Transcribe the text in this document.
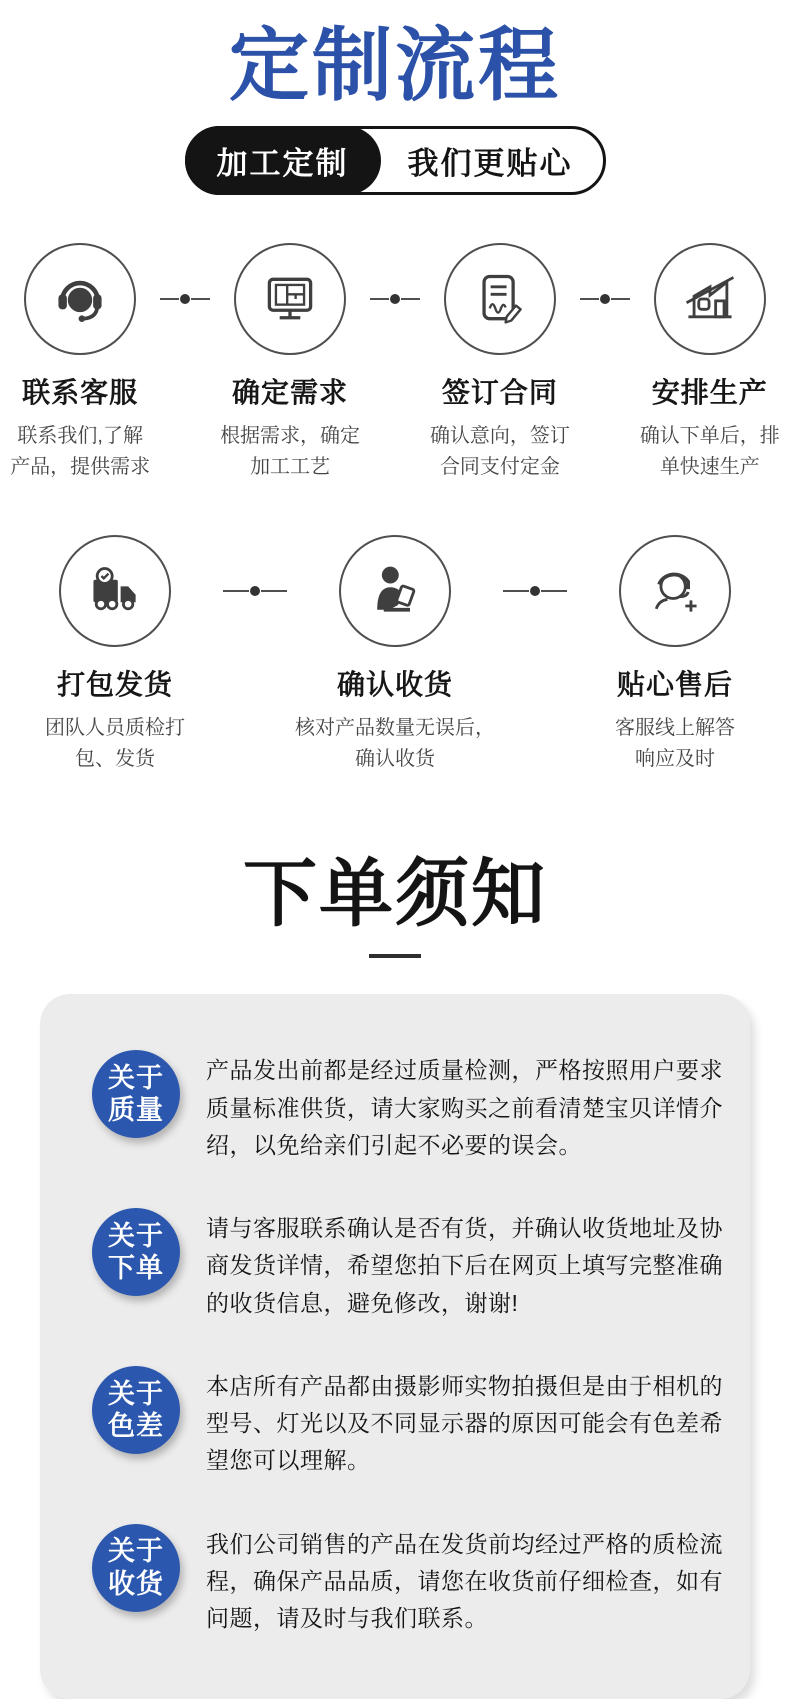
定制流程
加工定制	我们更贴心
联系客服
联系我们,了解产品，提供需求
确定需求
根据需求，确定加工工艺
签订合同
确认意向，签订合同支付定金
安排生产
确认下单后，排单快速生产
打包发货
团队人员质检打包、发货
确认收货
核对产品数量无误后，确认收货
贴心售后
客服线上解答响应及时
下单须知
关于
质量

产品发出前都是经过质量检测，严格按照用户要求质量标准供货，请大家购买之前看清楚宝贝详情介绍，以免给亲们引起不必要的误会。

关于
下单

请与客服联系确认是否有货，并确认收货地址及协商发货详情，希望您拍下后在网页上填写完整准确的收货信息，避免修改，谢谢!

关于
色差

本店所有产品都由摄影师实物拍摄但是由于相机的型号、灯光以及不同显示器的原因可能会有色差希望您可以理解。

关于
收货

我们公司销售的产品在发货前均经过严格的质检流程，确保产品品质，请您在收货前仔细检查，如有问题，请及时与我们联系。
